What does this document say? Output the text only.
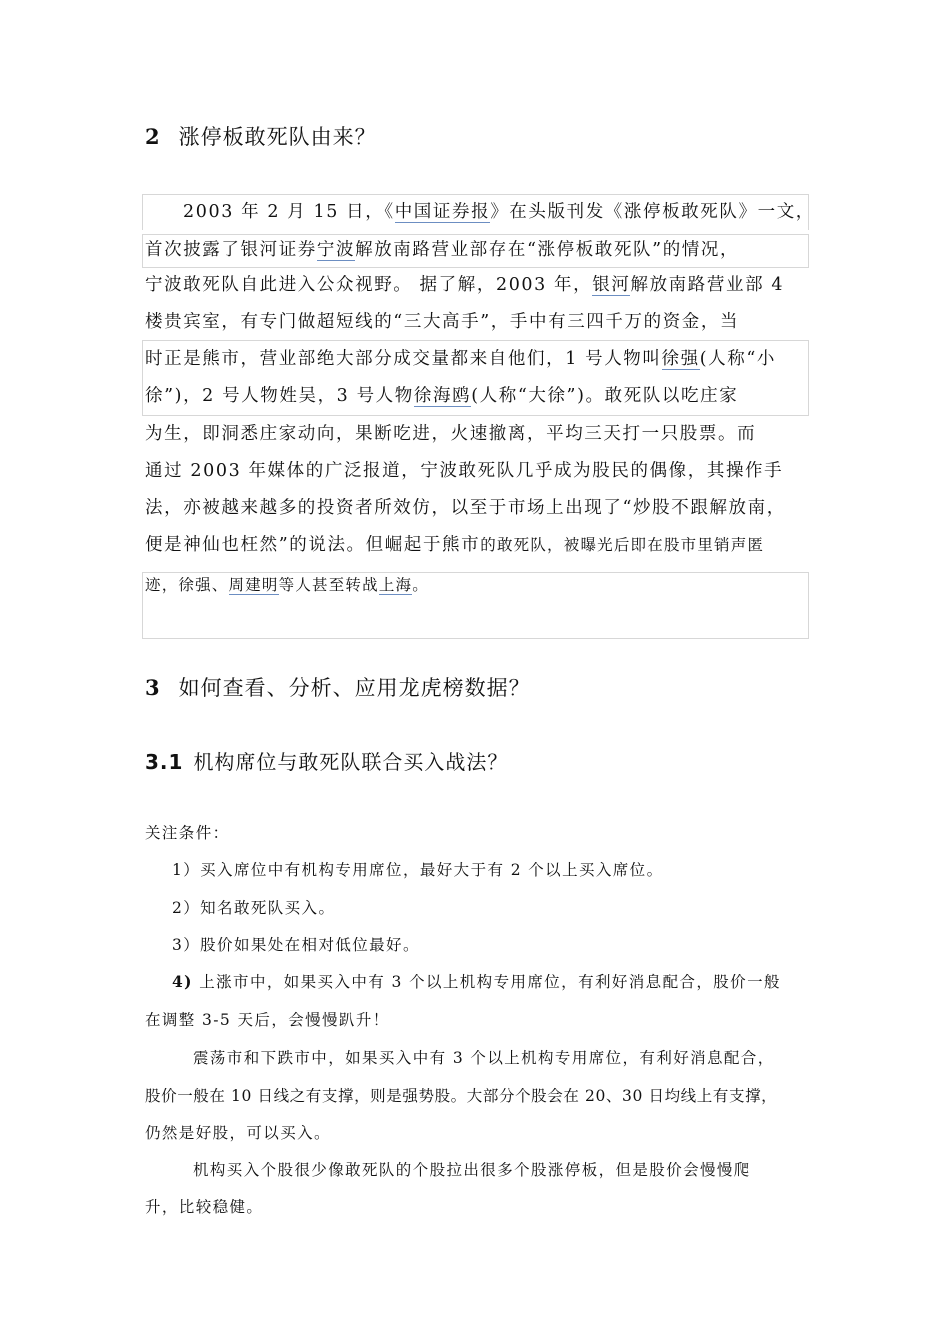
2 涨停板敢死队由来？
2003 年 2 月 15 日，《中国证券报》在头版刊发《涨停板敢死队》一文，
首次披露了银河证券宁波解放南路营业部存在“涨停板敢死队”的情况，
宁波敢死队自此进入公众视野。 据了解，2003 年，银河解放南路营业部 4
楼贵宾室，有专门做超短线的“三大高手”，手中有三四千万的资金，当
时正是熊市，营业部绝大部分成交量都来自他们，1 号人物叫徐强(人称“小
徐”)，2 号人物姓吴，3 号人物徐海鸥(人称“大徐”)。敢死队以吃庄家
为生，即洞悉庄家动向，果断吃进，火速撤离，平均三天打一只股票。而
通过 2003 年媒体的广泛报道，宁波敢死队几乎成为股民的偶像，其操作手
法，亦被越来越多的投资者所效仿，以至于市场上出现了“炒股不跟解放南，
便是神仙也枉然”的说法。但崛起于熊市的敢死队，被曝光后即在股市里销声匿
迹，徐强、周建明等人甚至转战上海。
3 如何查看、分析、应用龙虎榜数据？
3.1 机构席位与敢死队联合买入战法？
关注条件：
1）买入席位中有机构专用席位，最好大于有 2 个以上买入席位。
2）知名敢死队买入。
3）股价如果处在相对低位最好。
4) 上涨市中，如果买入中有 3 个以上机构专用席位，有利好消息配合，股价一般
在调整 3-5 天后，会慢慢趴升！
震荡市和下跌市中，如果买入中有 3 个以上机构专用席位，有利好消息配合，
股价一般在 10 日线之有支撑，则是强势股。大部分个股会在 20、30 日均线上有支撑，
仍然是好股，可以买入。
机构买入个股很少像敢死队的个股拉出很多个股涨停板，但是股价会慢慢爬
升，比较稳健。
